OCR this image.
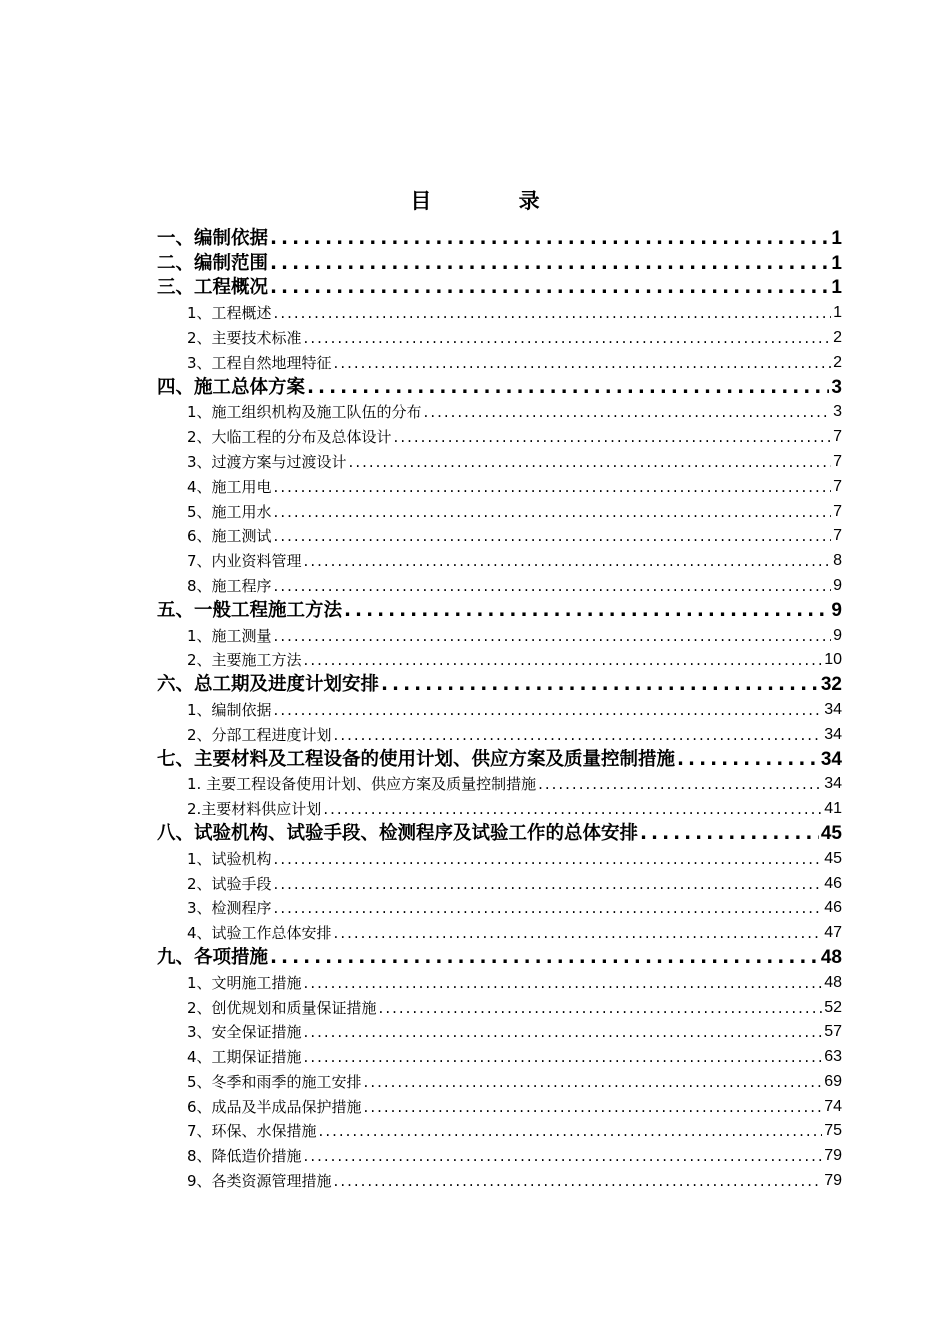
目 录
一、编制依据 .....	1
二、编制范围 .....	1
三、工程概况 .....	1
1、工程概述 .....	1
2、主要技术标准 .....	2
3、工程自然地理特征 .....	2
四、施工总体方案 .....	3
1、施工组织机构及施工队伍的分布 .....	3
2、大临工程的分布及总体设计 .....	7
3、过渡方案与过渡设计 .....	7
4、施工用电 .....	7
5、施工用水 .....	7
6、施工测试 .....	7
7、内业资料管理 .....	8
8、施工程序 .....	9
五、一般工程施工方法 .....	9
1、施工测量 .....	9
2、主要施工方法 .....	10
六、总工期及进度计划安排 .....	32
1、编制依据 .....	34
2、分部工程进度计划 .....	34
七、主要材料及工程设备的使用计划、供应方案及质量控制措施 .....	34
1. 主要工程设备使用计划、供应方案及质量控制措施 .....	34
2.主要材料供应计划 .....	41
八、试验机构、试验手段、检测程序及试验工作的总体安排 .....	45
1、试验机构 .....	45
2、试验手段 .....	46
3、检测程序 .....	46
4、试验工作总体安排 .....	47
九、各项措施 .....	48
1、文明施工措施 .....	48
2、创优规划和质量保证措施 .....	52
3、安全保证措施 .....	57
4、工期保证措施 .....	63
5、冬季和雨季的施工安排 .....	69
6、成品及半成品保护措施 .....	74
7、环保、水保措施 .....	75
8、降低造价措施 .....	79
9、各类资源管理措施 .....	79
